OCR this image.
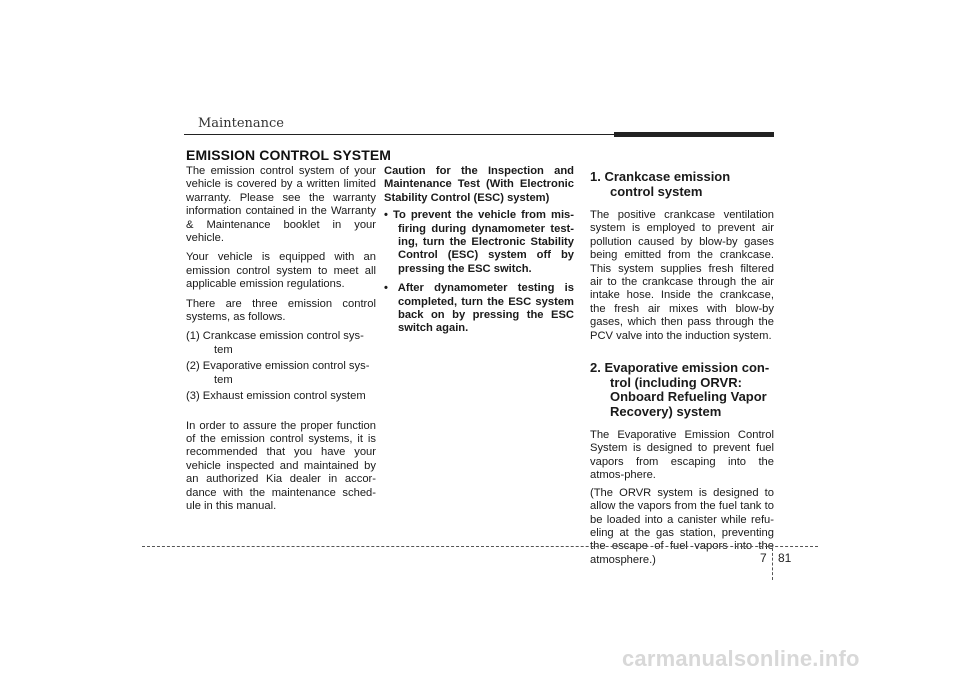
Maintenance
EMISSION CONTROL SYSTEM

The emission control system of your vehicle is covered by a written limited warranty. Please see the warranty information contained in the Warranty & Maintenance booklet in your vehicle.

Your vehicle is equipped with an emission control system to meet all applicable emission regulations.

There are three emission control systems, as follows.

(1) Crankcase emission control sys-tem
(2) Evaporative emission control sys-tem
(3) Exhaust emission control system

In order to assure the proper function of the emission control systems, it is recommended that you have your vehicle inspected and maintained by an authorized Kia dealer in accor-dance with the maintenance sched-ule in this manual.

Caution for the Inspection and Maintenance Test (With Electronic Stability Control (ESC) system)
• To prevent the vehicle from mis-firing during dynamometer test-ing, turn the Electronic Stability Control (ESC) system off by pressing the ESC switch.
• After dynamometer testing is completed, turn the ESC system back on by pressing the ESC switch again.
1. Crankcase emission control system

The positive crankcase ventilation system is employed to prevent air pollution caused by blow-by gases being emitted from the crankcase. This system supplies fresh filtered air to the crankcase through the air intake hose. Inside the crankcase, the fresh air mixes with blow-by gases, which then pass through the PCV valve into the induction system.

2. Evaporative emission con-trol (including ORVR: Onboard Refueling Vapor Recovery) system

The Evaporative Emission Control System is designed to prevent fuel vapors from escaping into the atmos-phere.

(The ORVR system is designed to allow the vapors from the fuel tank to be loaded into a canister while refu-eling at the gas station, preventing the escape of fuel vapors into the atmosphere.)	7 81
carmanualsonline.info
